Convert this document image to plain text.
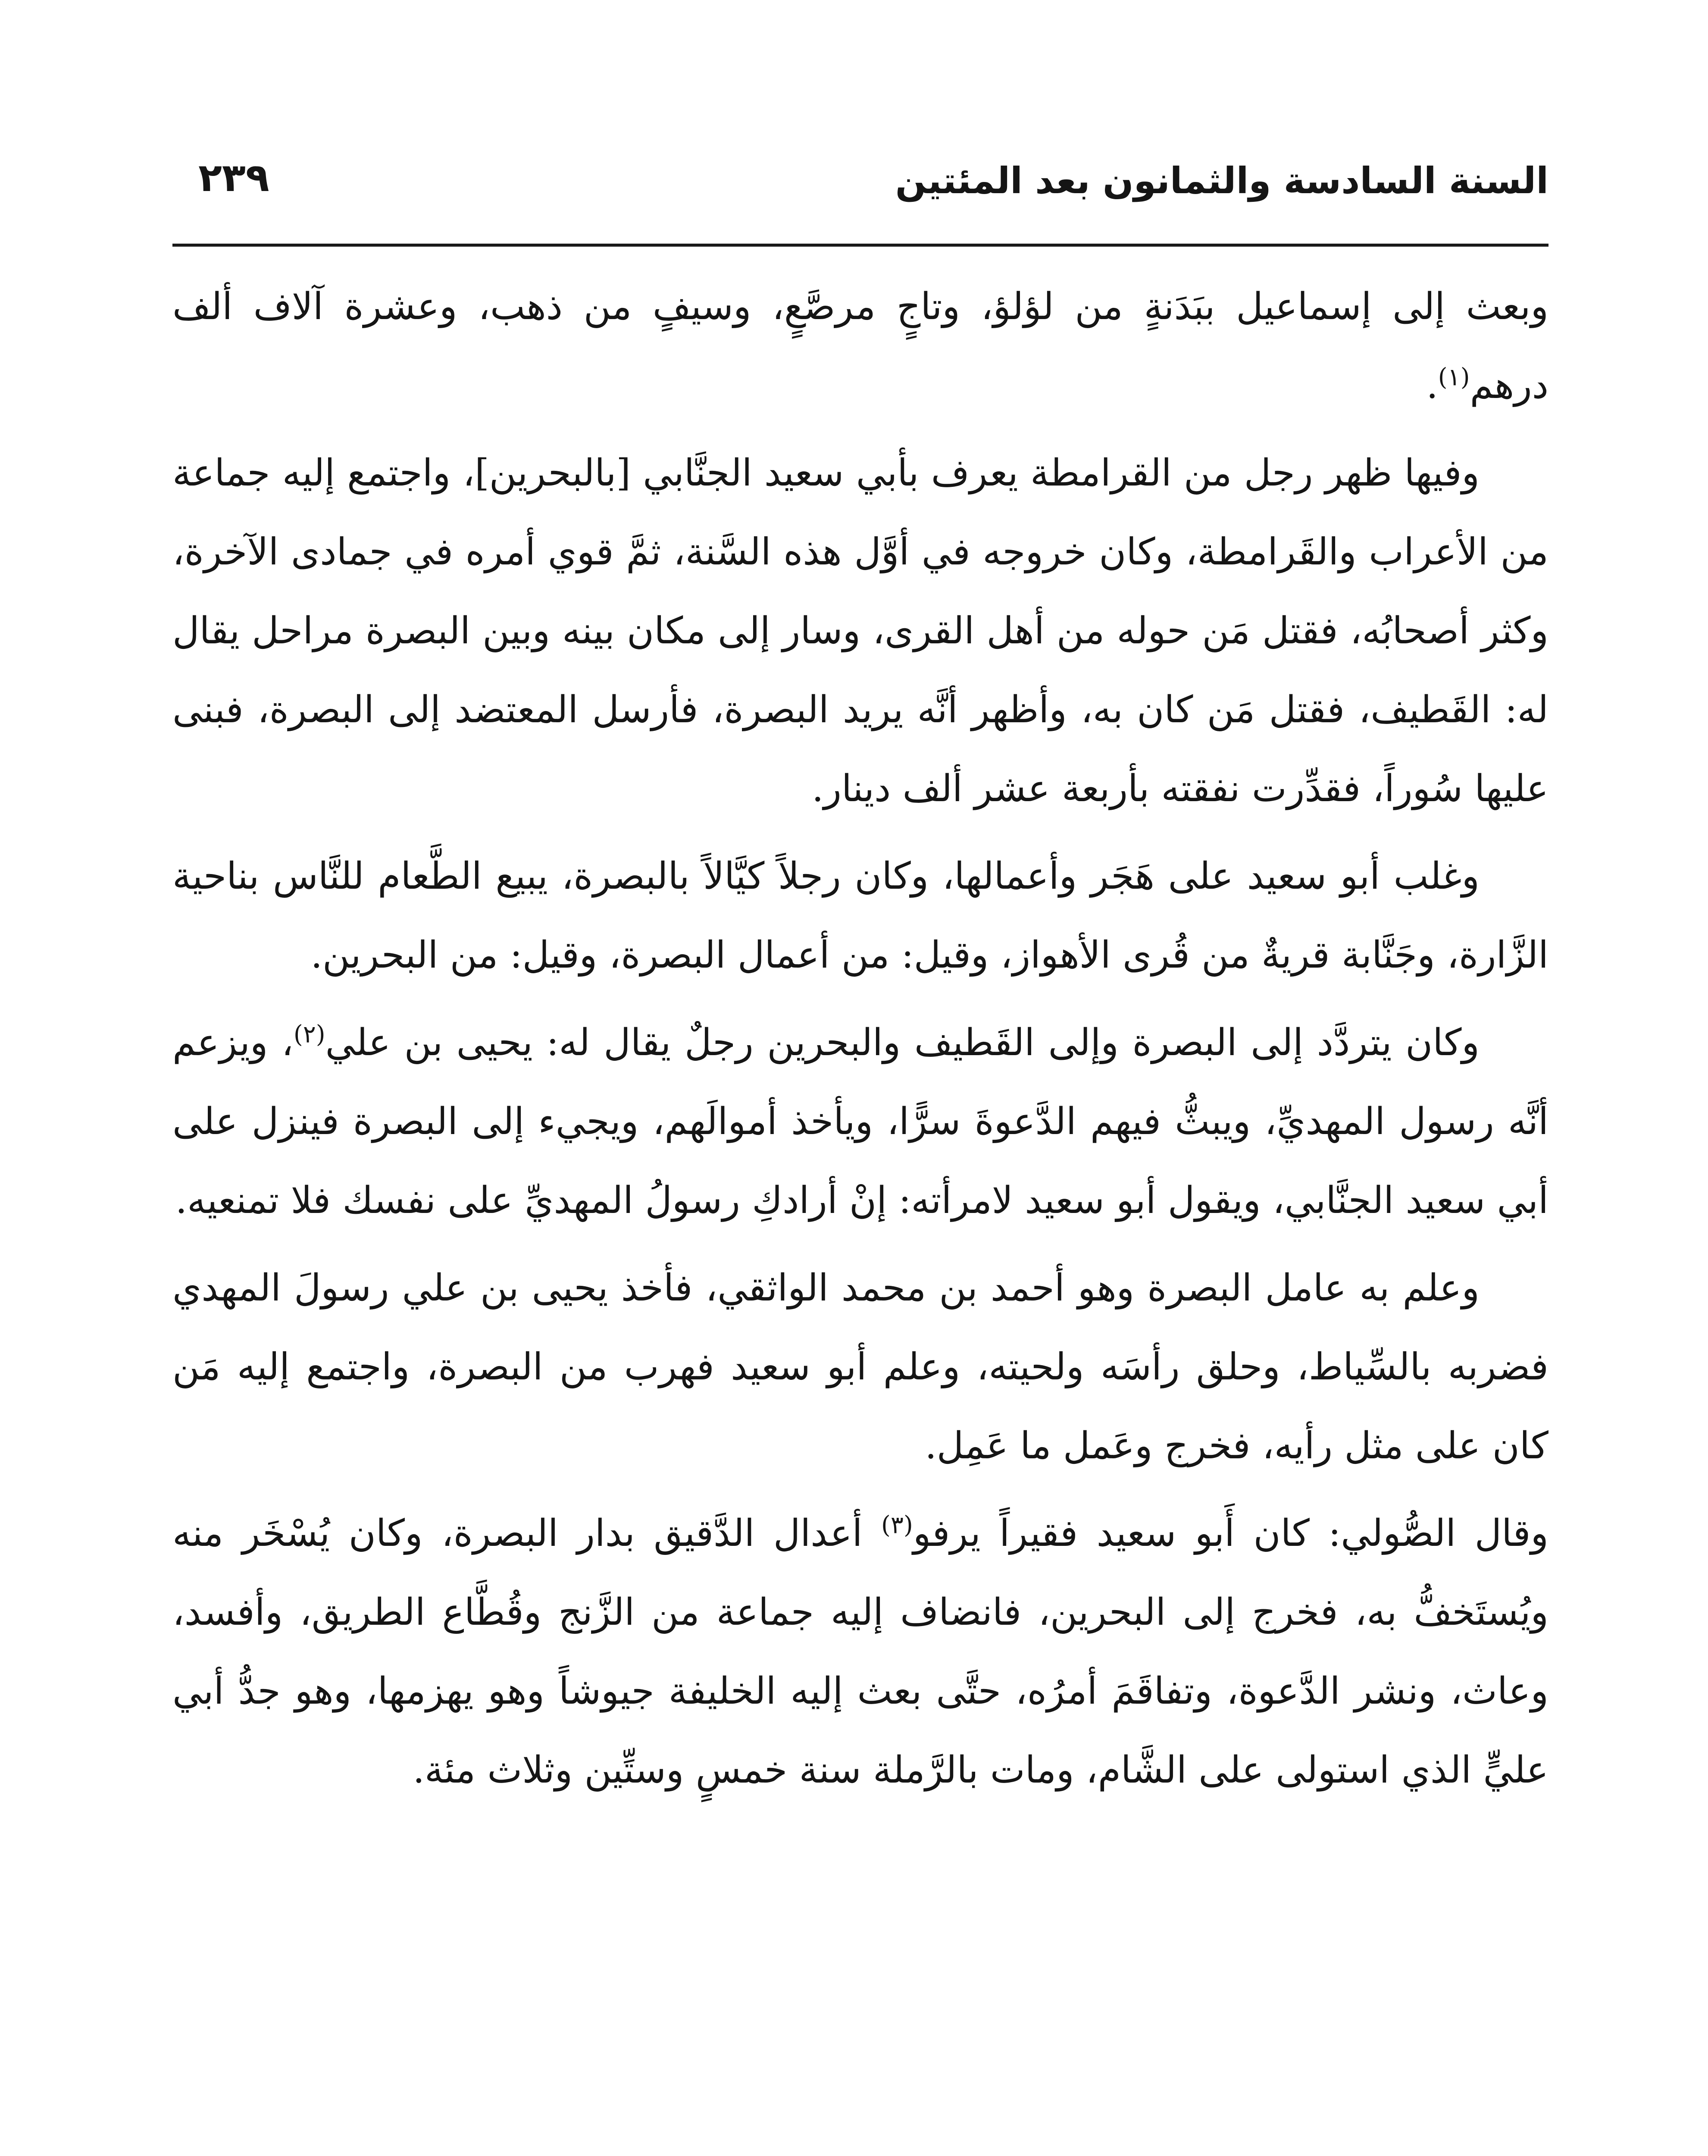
السنة السادسة والثمانون بعد المئتين
٢٣٩

وبعث إلى إسماعيل ببَدَنةٍ من لؤلؤ، وتاجٍ مرصَّعٍ، وسيفٍ من ذهب، وعشرة آلاف ألف درهم$^{(١)}$.

وفيها ظهر رجل من القرامطة يعرف بأبي سعيد الجنَّابي [بالبحرين]، واجتمع إليه جماعة من الأعراب والقَرامطة، وكان خروجه في أوَّل هذه السَّنة، ثمَّ قوي أمره في جمادى الآخرة، وكثر أصحابُه، فقتل مَن حوله من أهل القرى، وسار إلى مكان بينه وبين البصرة مراحل يقال له: القَطيف، فقتل مَن كان به، وأظهر أنَّه يريد البصرة، فأرسل المعتضد إلى البصرة، فبنى عليها سُوراً، فقدِّرت نفقته بأربعة عشر ألف دينار.

وغلب أبو سعيد على هَجَر وأعمالها، وكان رجلاً كيَّالاً بالبصرة، يبيع الطَّعام للنَّاس بناحية الزَّارة، وجَنَّابة قريةٌ من قُرى الأهواز، وقيل: من أعمال البصرة، وقيل: من البحرين.

وكان يتردَّد إلى البصرة وإلى القَطيف والبحرين رجلٌ يقال له: يحيى بن علي$^{(٢)}$، ويزعم أنَّه رسول المهديِّ، ويبثُّ فيهم الدَّعوةَ سرًّا، ويأخذ أموالَهم، ويجيء إلى البصرة فينزل على أبي سعيد الجنَّابي، ويقول أبو سعيد لامرأته: إنْ أرادكِ رسولُ المهديِّ على نفسك فلا تمنعيه.

وعلم به عامل البصرة وهو أحمد بن محمد الواثقي، فأخذ يحيى بن علي رسولَ المهدي فضربه بالسِّياط، وحلق رأسَه ولحيته، وعلم أبو سعيد فهرب من البصرة، واجتمع إليه مَن كان على مثل رأيه، فخرج وعَمل ما عَمِل.

وقال الصُّولي: كان أَبو سعيد فقيراً يرفو$^{(٣)}$ أعدال الدَّقيق بدار البصرة، وكان يُسْخَر منه ويُستَخفُّ به، فخرج إلى البحرين، فانضاف إليه جماعة من الزَّنج وقُطَّاع الطريق، وأفسد، وعاث، ونشر الدَّعوة، وتفاقَمَ أمرُه، حتَّى بعث إليه الخليفة جيوشاً وهو يهزمها، وهو جدُّ أبي عليٍّ الذي استولى على الشَّام، ومات بالرَّملة سنة خمسٍ وستِّين وثلاث مئة.
